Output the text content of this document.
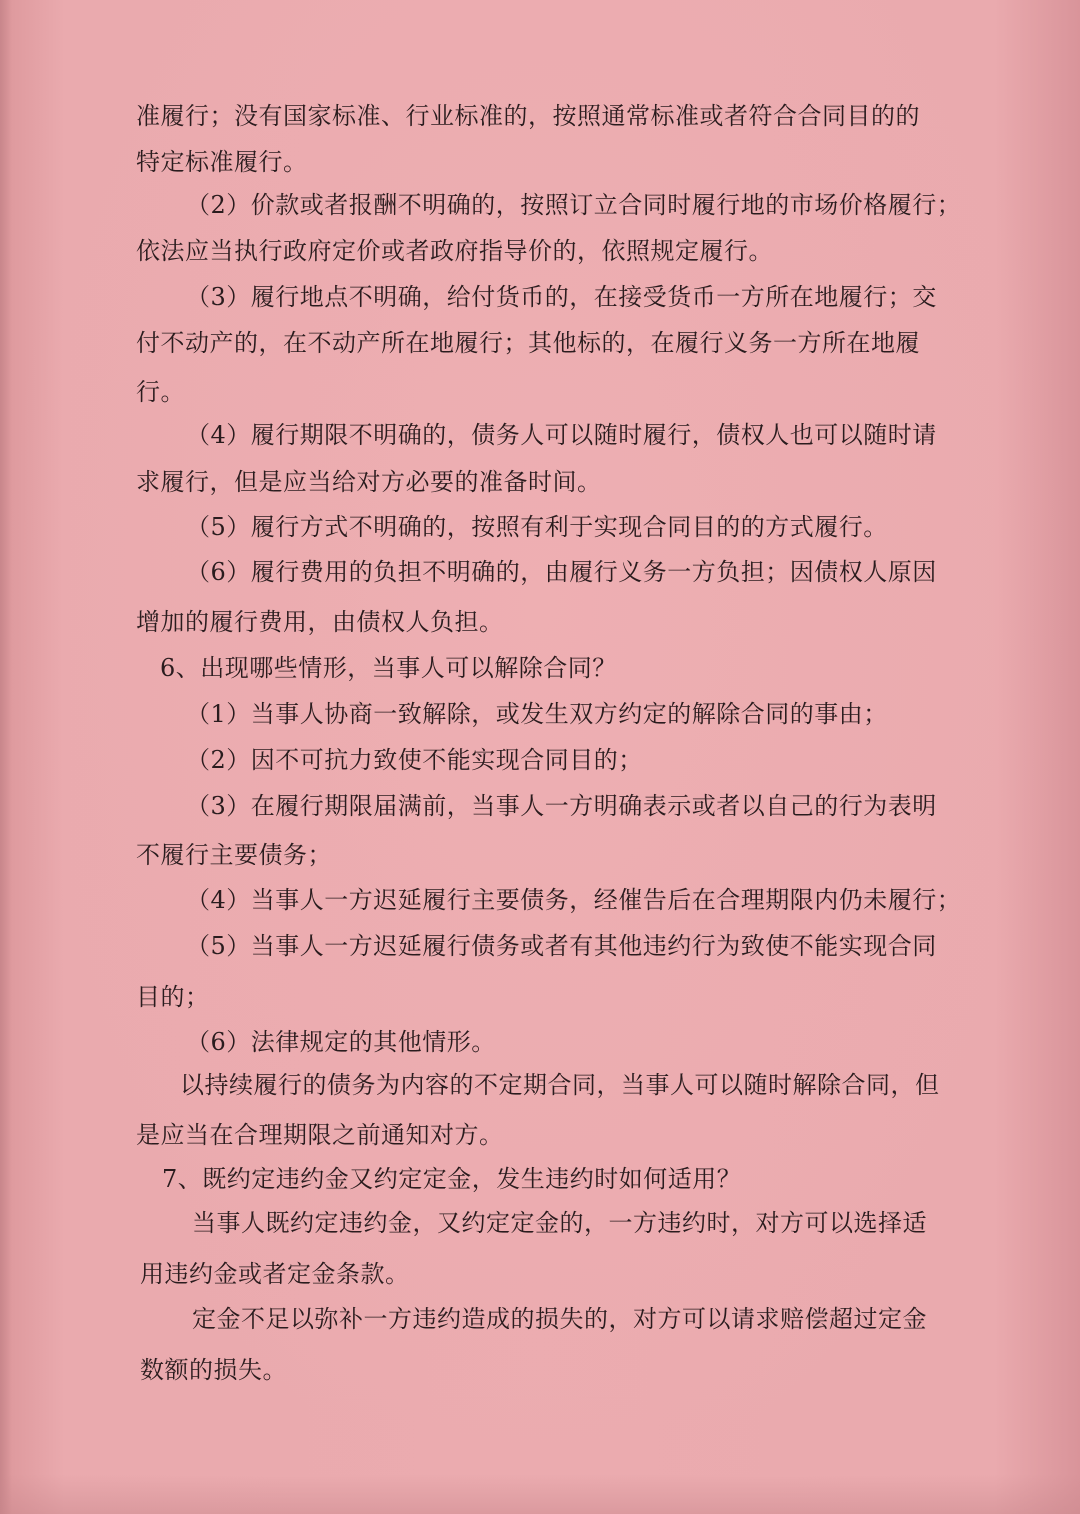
准履行；没有国家标准、行业标准的，按照通常标准或者符合合同目的的
特定标准履行。
（2）价款或者报酬不明确的，按照订立合同时履行地的市场价格履行；
依法应当执行政府定价或者政府指导价的，依照规定履行。
（3）履行地点不明确，给付货币的，在接受货币一方所在地履行；交
付不动产的，在不动产所在地履行；其他标的，在履行义务一方所在地履
行。
（4）履行期限不明确的，债务人可以随时履行，债权人也可以随时请
求履行，但是应当给对方必要的准备时间。
（5）履行方式不明确的，按照有利于实现合同目的的方式履行。
（6）履行费用的负担不明确的，由履行义务一方负担；因债权人原因
增加的履行费用，由债权人负担。
6、出现哪些情形，当事人可以解除合同？
（1）当事人协商一致解除，或发生双方约定的解除合同的事由；
（2）因不可抗力致使不能实现合同目的；
（3）在履行期限届满前，当事人一方明确表示或者以自己的行为表明
不履行主要债务；
（4）当事人一方迟延履行主要债务，经催告后在合理期限内仍未履行；
（5）当事人一方迟延履行债务或者有其他违约行为致使不能实现合同
目的；
（6）法律规定的其他情形。
以持续履行的债务为内容的不定期合同，当事人可以随时解除合同，但
是应当在合理期限之前通知对方。
7、既约定违约金又约定定金，发生违约时如何适用？
当事人既约定违约金，又约定定金的，一方违约时，对方可以选择适
用违约金或者定金条款。
定金不足以弥补一方违约造成的损失的，对方可以请求赔偿超过定金
数额的损失。
